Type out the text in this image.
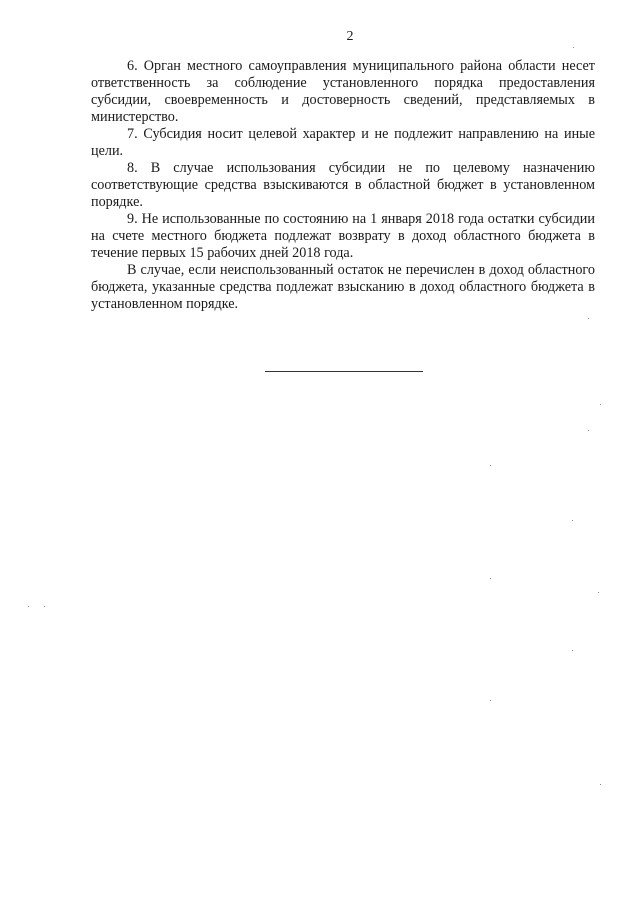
2

6. Орган местного самоуправления муниципального района области несет ответственность за соблюдение установленного порядка предоставления субсидии, своевременность и достоверность сведений, представляемых в министерство.

7. Субсидия носит целевой характер и не подлежит направлению на иные цели.

8. В случае использования субсидии не по целевому назначению соответствующие средства взыскиваются в областной бюджет в установленном порядке.

9. Не использованные по состоянию на 1 января 2018 года остатки субсидии на счете местного бюджета подлежат возврату в доход областного бюджета в течение первых 15 рабочих дней 2018 года.

В случае, если неиспользованный остаток не перечислен в доход областного бюджета, указанные средства подлежат взысканию в доход областного бюджета в установленном порядке.
